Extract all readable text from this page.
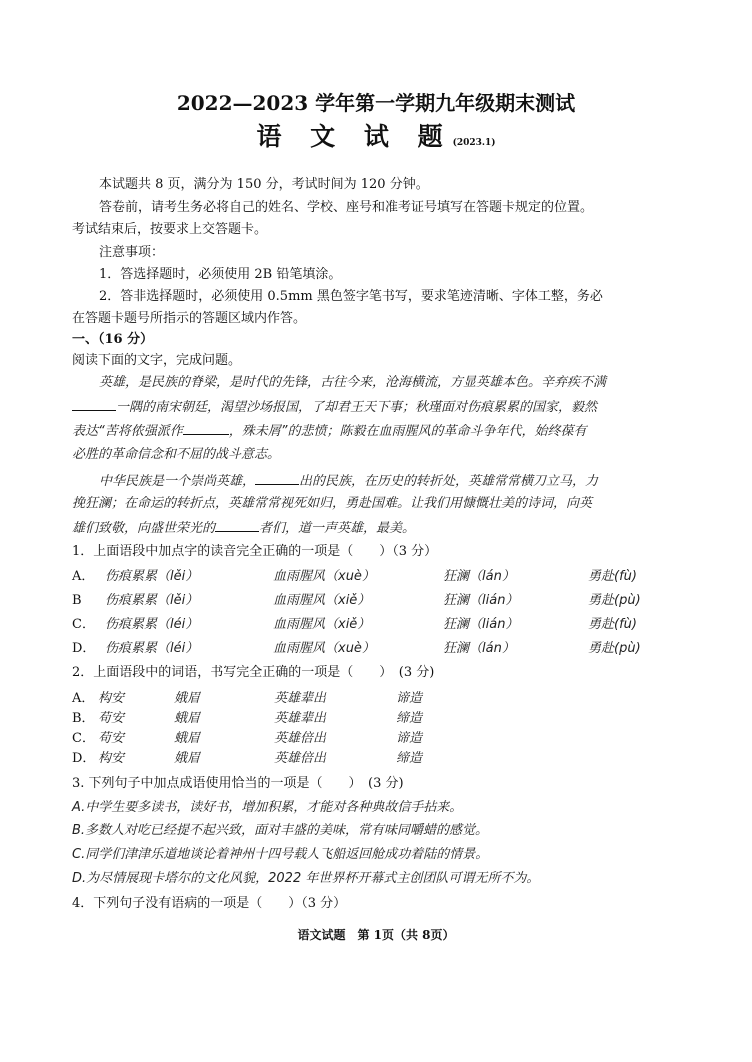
2022—2023 学年第一学期九年级期末测试
语 文 试 题(2023.1)
本试题共 8 页，满分为 150 分，考试时间为 120 分钟。
答卷前，请考生务必将自己的姓名、学校、座号和准考证号填写在答题卡规定的位置。
考试结束后，按要求上交答题卡。
注意事项：
1．答选择题时，必须使用 2B 铅笔填涂。
2．答非选择题时，必须使用 0.5mm 黑色签字笔书写，要求笔迹清晰、字体工整，务必
在答题卡题号所指示的答题区域内作答。
一、（16 分）
阅读下面的文字，完成问题。
英雄，是民族的脊梁，是时代的先锋，古往今来，沧海横流，方显英雄本色。辛弃疾不满
一隅的南宋朝廷，渴望沙场报国，了却君王天下事；秋瑾面对伤痕累累的国家，毅然
表达“苦将侬强派作	，殊未屑”的悲愤；陈毅在血雨腥风的革命斗争年代，始终葆有
必胜的革命信念和不屈的战斗意志。
中华民族是一个崇尚英雄，	出的民族，在历史的转折处，英雄常常横刀立马，力
挽狂澜；在命运的转折点，英雄常常视死如归，勇赴国难。让我们用慷慨壮美的诗词，向英
雄们致敬，向盛世荣光的	者们，道一声英雄，最美。
1．上面语段中加点字的读音完全正确的一项是（　　）（3 分）
A． 伤痕累累（lěi）	血雨腥风（xuè）	狂澜（lán）	勇赴(fù)
B 伤痕累累（lěi）	血雨腥风（xiě）	狂澜（lián）	勇赴(pù)
C． 伤痕累累（léi）	血雨腥风（xiě）	狂澜（lián）	勇赴(fù)
D． 伤痕累累（léi）	血雨腥风（xuè）	狂澜（lán）	勇赴(pù)
2．上面语段中的词语，书写完全正确的一项是（　　）　(3 分)
A． 构安	娥眉	英雄辈出	谛造
B． 苟安	蛾眉	英雄辈出	缔造
C． 苟安	蛾眉	英雄倍出	谛造
D． 构安	娥眉	英雄倍出	缔造
3. 下列句子中加点成语使用恰当的一项是（　　）　(3 分)
A.中学生要多读书，读好书，增加积累，才能对各种典故信手拈来。
B.多数人对吃已经提不起兴致，面对丰盛的美味，常有味同嚼蜡的感觉。
C.同学们津津乐道地谈论着神州十四号载人飞船返回舱成功着陆的情景。
D.为尽情展现卡塔尔的文化风貌，2022 年世界杯开幕式主创团队可谓无所不为。
4．下列句子没有语病的一项是（　　）（3 分）
语文试题　第 1页（共 8页）
